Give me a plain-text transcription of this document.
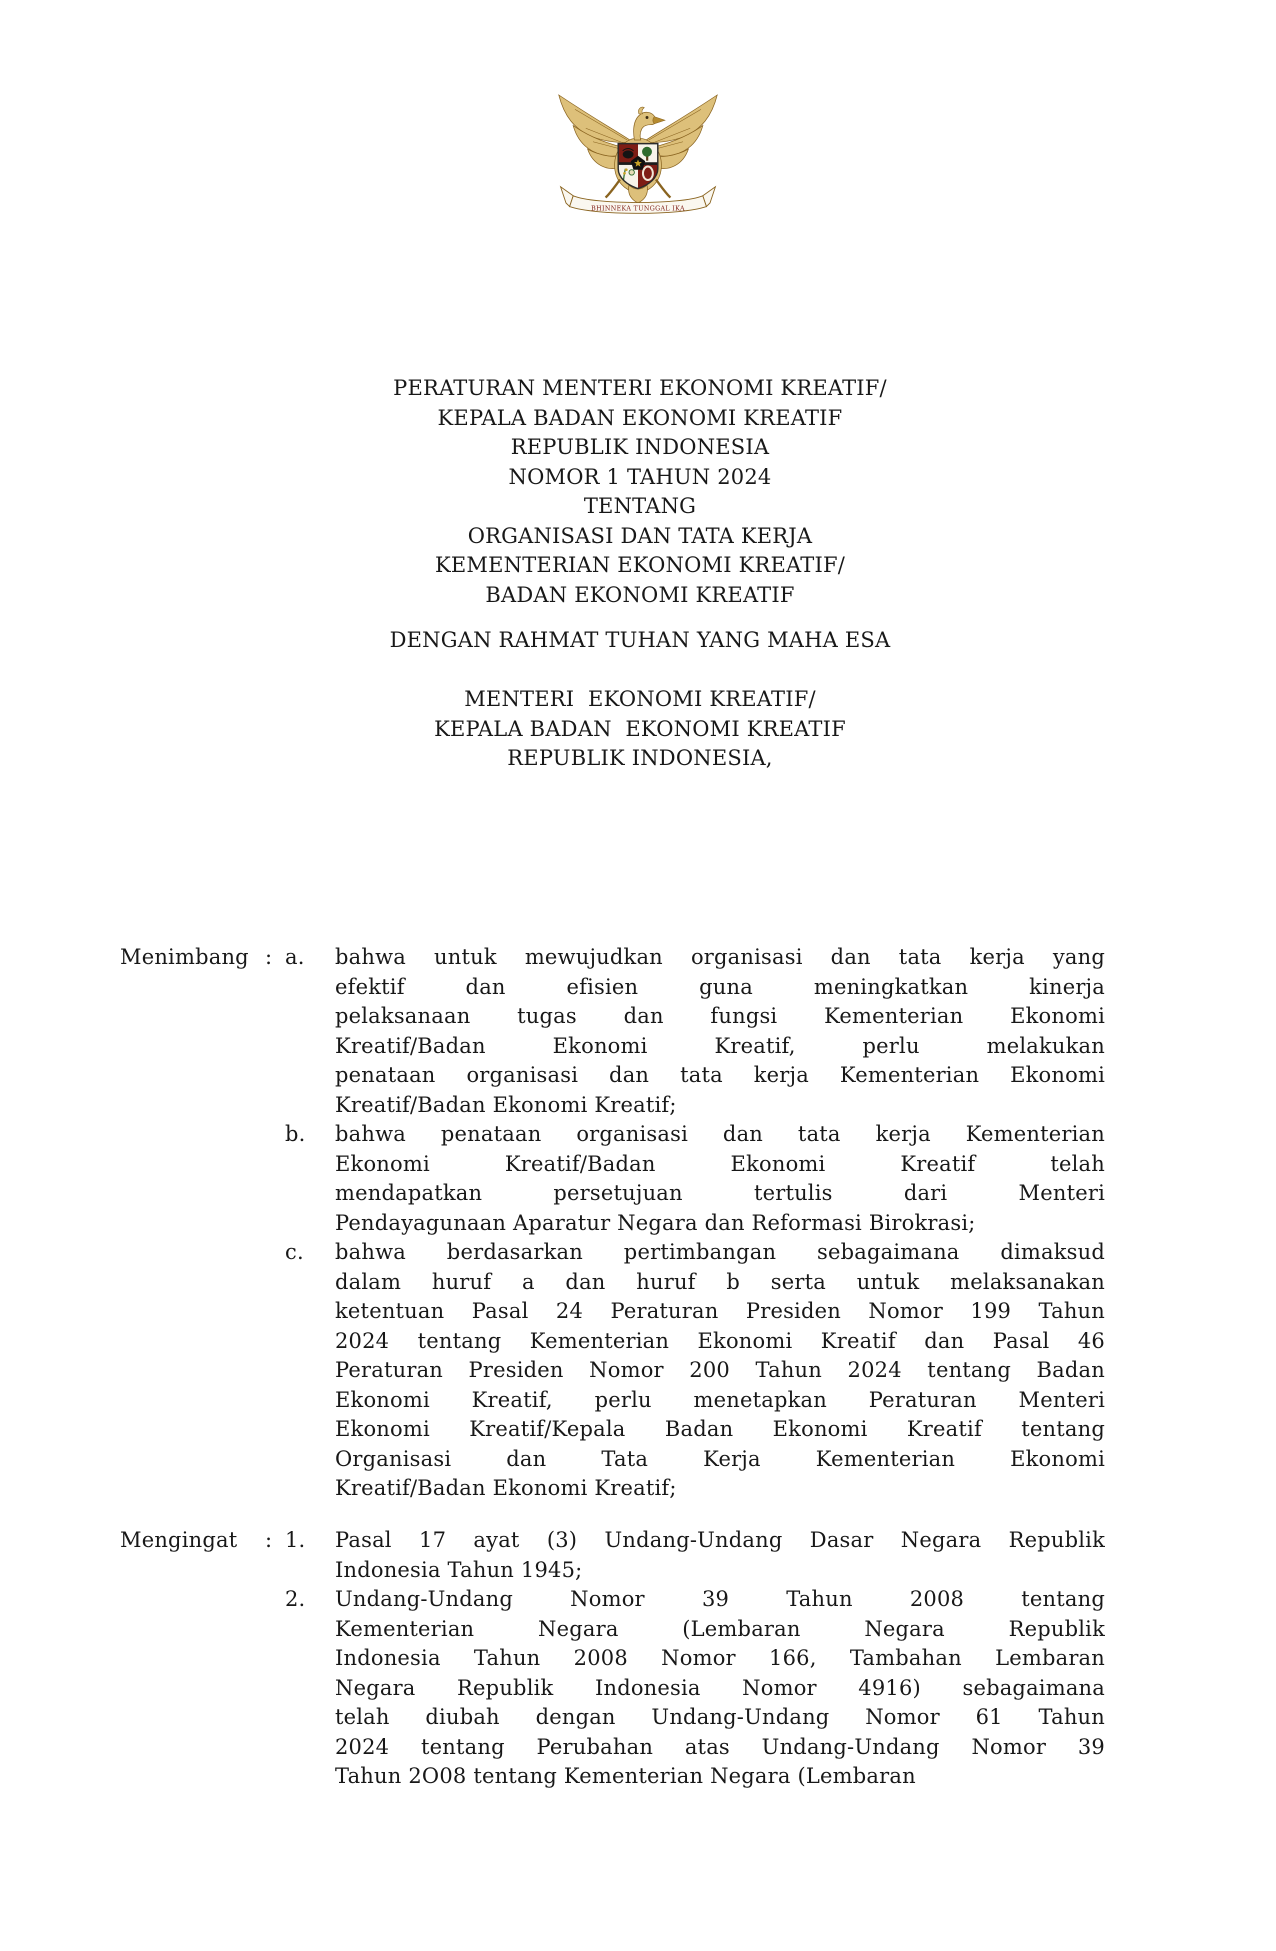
BHINNEKA TUNGGAL IKA
PERATURAN MENTERI EKONOMI KREATIF/
KEPALA BADAN EKONOMI KREATIF
REPUBLIK INDONESIA
NOMOR 1 TAHUN 2024
TENTANG
ORGANISASI DAN TATA KERJA
KEMENTERIAN EKONOMI KREATIF/
BADAN EKONOMI KREATIF
DENGAN RAHMAT TUHAN YANG MAHA ESA
MENTERI  EKONOMI KREATIF/
KEPALA BADAN  EKONOMI KREATIF
REPUBLIK INDONESIA,
Menimbang : a.	bahwa untuk mewujudkan organisasi dan tata kerja yang
efektif dan efisien guna meningkatkan kinerja
pelaksanaan tugas dan fungsi Kementerian Ekonomi
Kreatif/Badan Ekonomi Kreatif, perlu melakukan
penataan organisasi dan tata kerja Kementerian Ekonomi
Kreatif/Badan Ekonomi Kreatif;
b.	bahwa penataan organisasi dan tata kerja Kementerian
Ekonomi Kreatif/Badan Ekonomi Kreatif telah
mendapatkan persetujuan tertulis dari Menteri
Pendayagunaan Aparatur Negara dan Reformasi Birokrasi;
c.	bahwa berdasarkan pertimbangan sebagaimana dimaksud
dalam huruf a dan huruf b serta untuk melaksanakan
ketentuan Pasal 24 Peraturan Presiden Nomor 199 Tahun
2024 tentang Kementerian Ekonomi Kreatif dan Pasal 46
Peraturan Presiden Nomor 200 Tahun 2024 tentang Badan
Ekonomi Kreatif, perlu menetapkan Peraturan Menteri
Ekonomi Kreatif/Kepala Badan Ekonomi Kreatif tentang
Organisasi dan Tata Kerja Kementerian Ekonomi
Kreatif/Badan Ekonomi Kreatif;
Mengingat	: 1.	Pasal 17 ayat (3) Undang-Undang Dasar Negara Republik
Indonesia Tahun 1945;
2.	Undang-Undang Nomor 39 Tahun 2008 tentang
Kementerian Negara (Lembaran Negara Republik
Indonesia Tahun 2008 Nomor 166, Tambahan Lembaran
Negara Republik Indonesia Nomor 4916) sebagaimana
telah diubah dengan Undang-Undang Nomor 61 Tahun
2024 tentang Perubahan atas Undang-Undang Nomor 39
Tahun 2O08 tentang Kementerian Negara (Lembaran
